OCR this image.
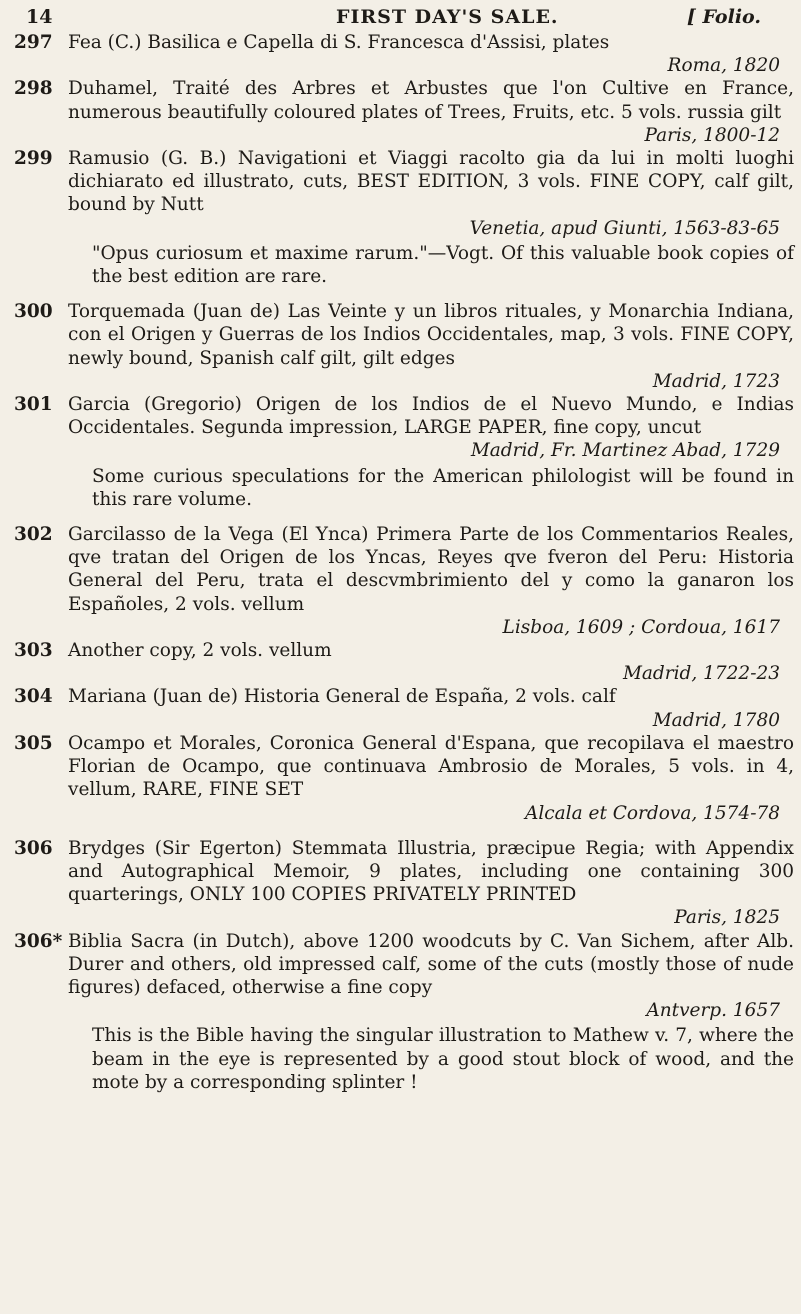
14	FIRST DAY'S SALE.	[ Folio.
297 Fea (C.) Basilica e Capella di S. Francesca d'Assisi, plates
Roma, 1820
298 Duhamel, Traité des Arbres et Arbustes que l'on Cultive en France, numerous beautifully coloured plates of Trees, Fruits, etc. 5 vols. russia gilt
Paris, 1800-12
299 Ramusio (G. B.) Navigationi et Viaggi racolto gia da lui in molti luoghi dichiarato ed illustrato, cuts, BEST EDITION, 3 vols. FINE COPY, calf gilt, bound by Nutt
Venetia, apud Giunti, 1563-83-65
"Opus curiosum et maxime rarum."—Vogt. Of this valuable book copies of the best edition are rare.
300 Torquemada (Juan de) Las Veinte y un libros rituales, y Monarchia Indiana, con el Origen y Guerras de los Indios Occidentales, map, 3 vols. FINE COPY, newly bound, Spanish calf gilt, gilt edges
Madrid, 1723
301 Garcia (Gregorio) Origen de los Indios de el Nuevo Mundo, e Indias Occidentales. Segunda impression, LARGE PAPER, fine copy, uncut
Madrid, Fr. Martinez Abad, 1729
Some curious speculations for the American philologist will be found in this rare volume.
302 Garcilasso de la Vega (El Ynca) Primera Parte de los Commentarios Reales, qve tratan del Origen de los Yncas, Reyes qve fveron del Peru: Historia General del Peru, trata el descvmbrimiento del y como la ganaron los Españoles, 2 vols. vellum
Lisboa, 1609 ; Cordoua, 1617
303 Another copy, 2 vols. vellum
Madrid, 1722-23
304 Mariana (Juan de) Historia General de España, 2 vols. calf
Madrid, 1780
305 Ocampo et Morales, Coronica General d'Espana, que recopilava el maestro Florian de Ocampo, que continuava Ambrosio de Morales, 5 vols. in 4, vellum, RARE, FINE SET
Alcala et Cordova, 1574-78
306 Brydges (Sir Egerton) Stemmata Illustria, præcipue Regia; with Appendix and Autographical Memoir, 9 plates, including one containing 300 quarterings, ONLY 100 COPIES PRIVATELY PRINTED
Paris, 1825
306* Biblia Sacra (in Dutch), above 1200 woodcuts by C. Van Sichem, after Alb. Durer and others, old impressed calf, some of the cuts (mostly those of nude figures) defaced, otherwise a fine copy
Antverp. 1657
This is the Bible having the singular illustration to Mathew v. 7, where the beam in the eye is represented by a good stout block of wood, and the mote by a corresponding splinter !
